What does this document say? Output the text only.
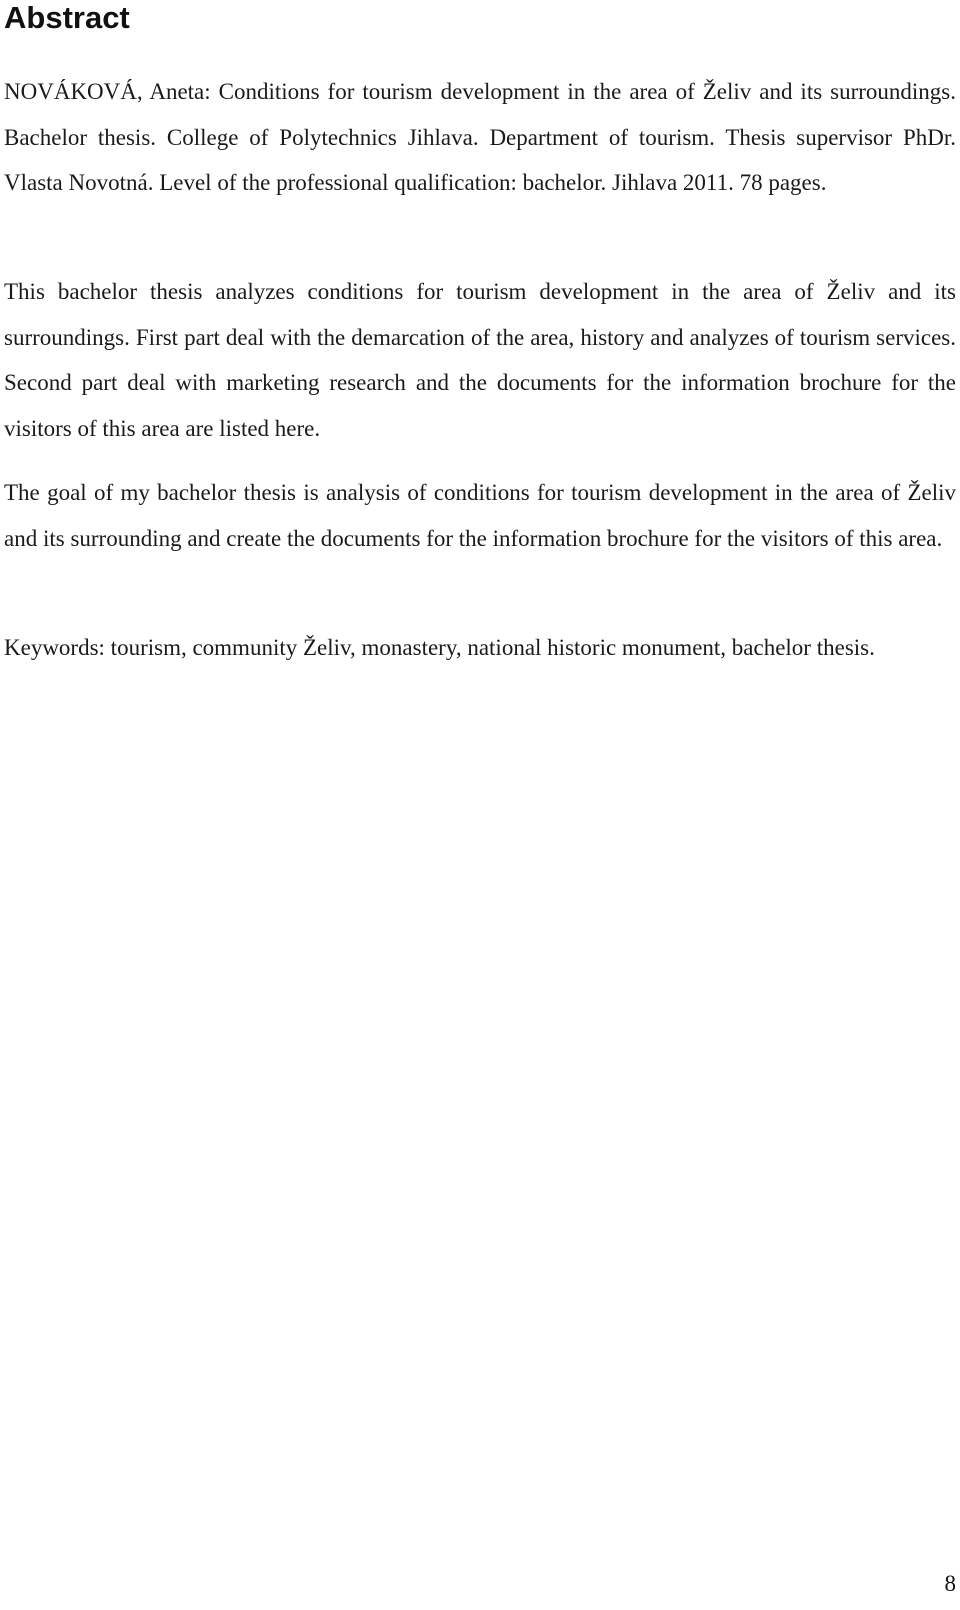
Abstract

NOVÁKOVÁ, Aneta: Conditions for tourism development in the area of Želiv and its surroundings. Bachelor thesis. College of Polytechnics Jihlava. Department of tourism. Thesis supervisor PhDr. Vlasta Novotná. Level of the professional qualification: bachelor. Jihlava 2011. 78 pages.

This bachelor thesis analyzes conditions for tourism development in the area of Želiv and its surroundings. First part deal with the demarcation of the area, history and analyzes of tourism services. Second part deal with marketing research and the documents for the information brochure for the visitors of this area are listed here.

The goal of my bachelor thesis is analysis of conditions for tourism development in the area of Želiv and its surrounding and create the documents for the information brochure for the visitors of this area.

Keywords: tourism, community Želiv, monastery, national historic monument, bachelor thesis.

8
